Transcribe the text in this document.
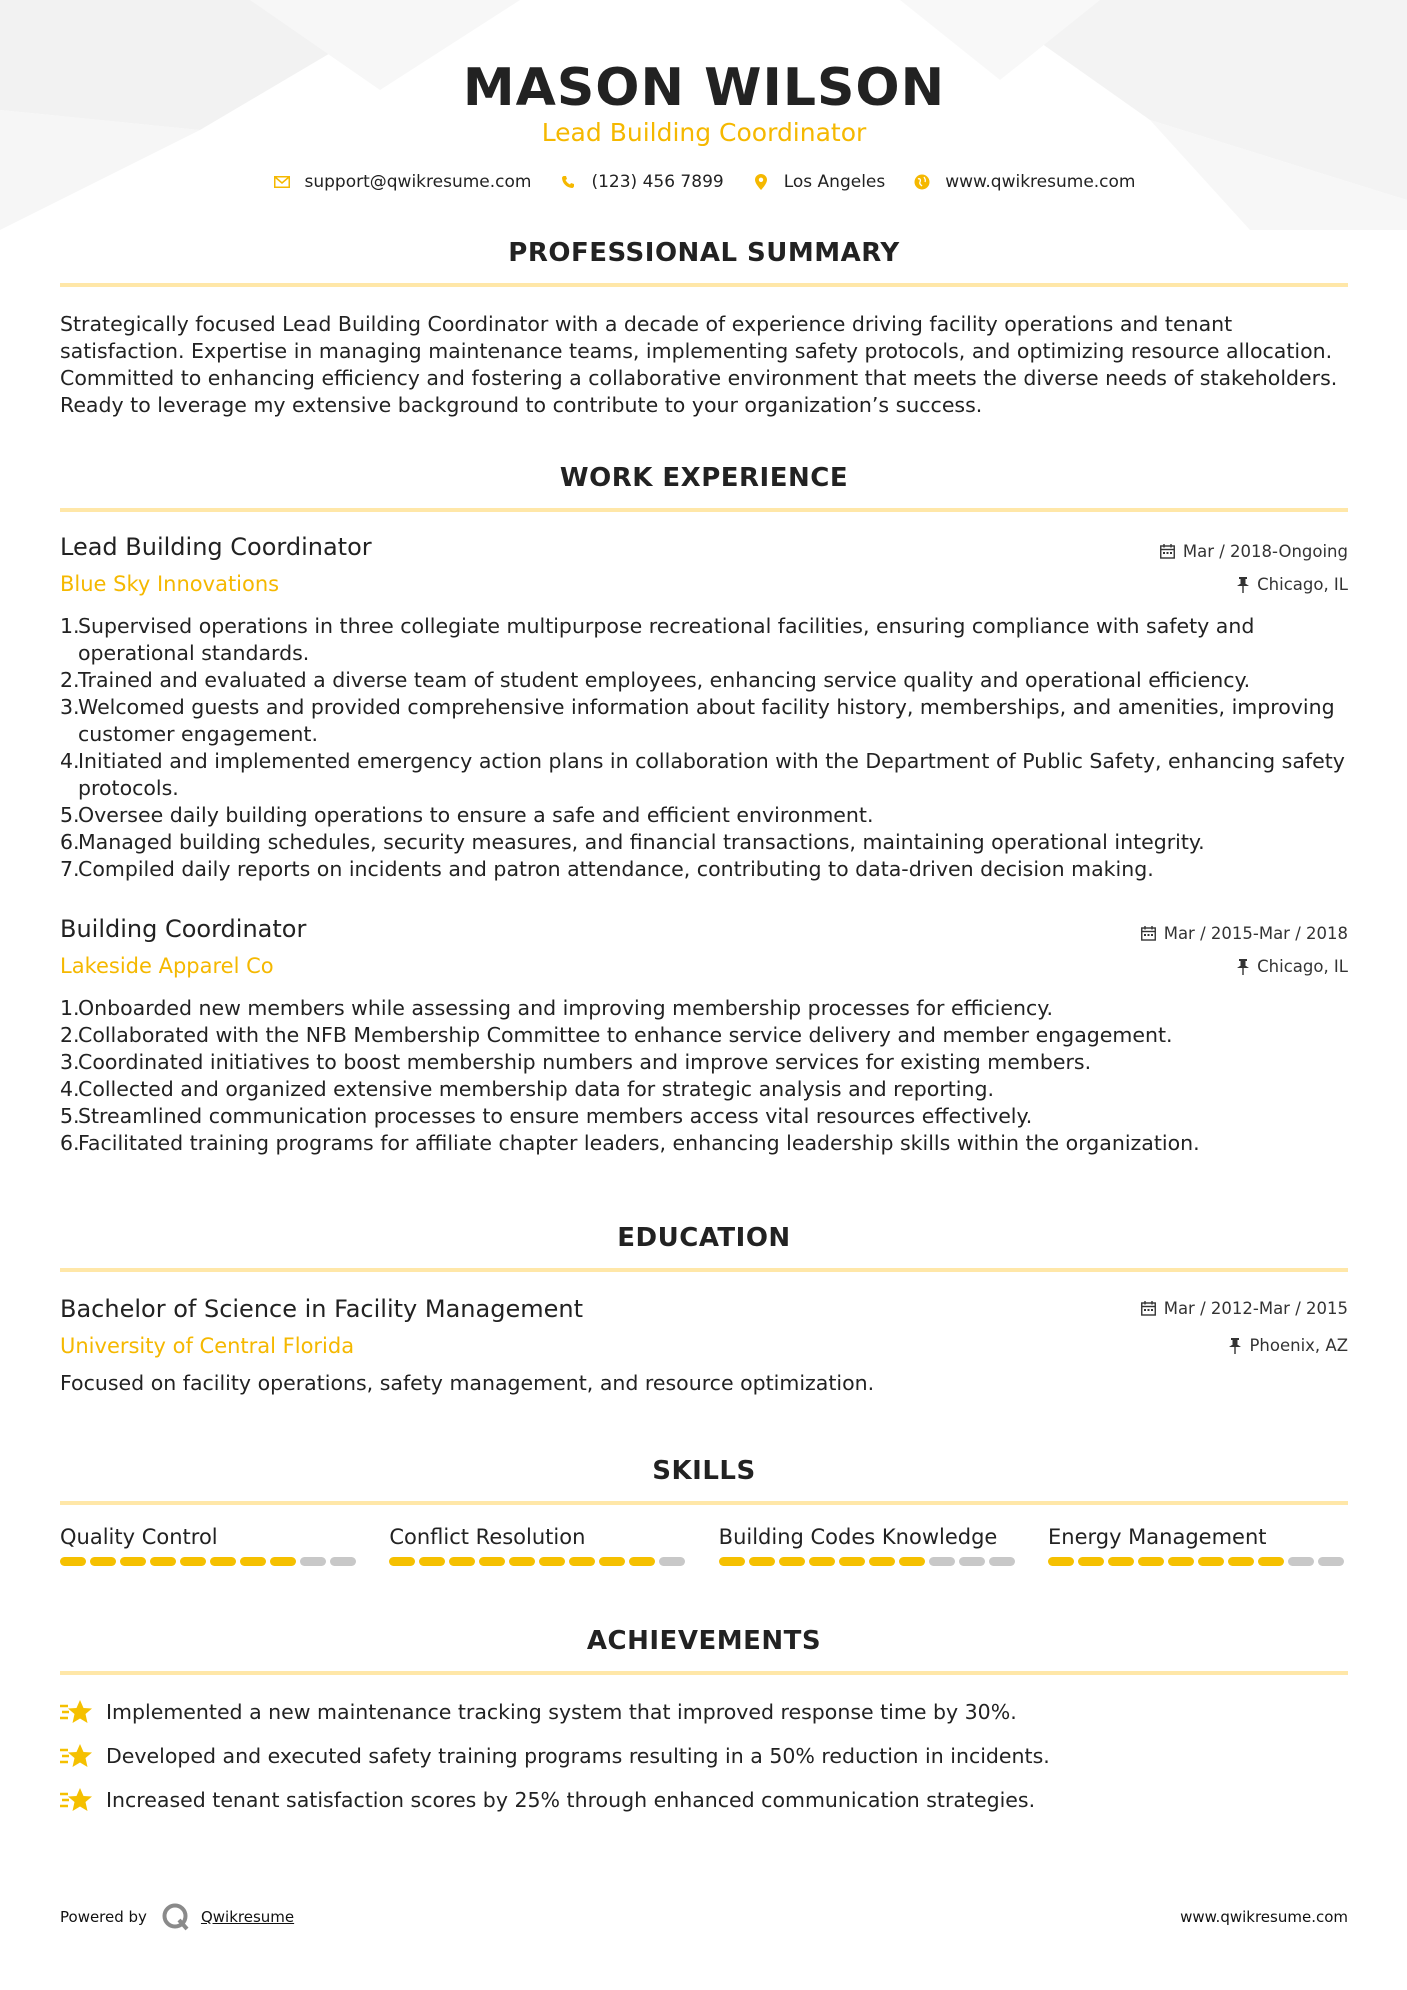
MASON WILSON
Lead Building Coordinator
support@qwikresume.com	(123) 456 7899	Los Angeles	www.qwikresume.com
PROFESSIONAL SUMMARY
Strategically focused Lead Building Coordinator with a decade of experience driving facility operations and tenant satisfaction. Expertise in managing maintenance teams, implementing safety protocols, and optimizing resource allocation. Committed to enhancing efficiency and fostering a collaborative environment that meets the diverse needs of stakeholders. Ready to leverage my extensive background to contribute to your organization’s success.
WORK EXPERIENCE
Lead Building Coordinator
Blue Sky Innovations
Mar / 2018-Ongoing
Chicago, IL
1.
Supervised operations in three collegiate multipurpose recreational facilities, ensuring compliance with safety and operational standards.
2.
Trained and evaluated a diverse team of student employees, enhancing service quality and operational efficiency.
3.
Welcomed guests and provided comprehensive information about facility history, memberships, and amenities, improving customer engagement.
4.
Initiated and implemented emergency action plans in collaboration with the Department of Public Safety, enhancing safety protocols.
5.
Oversee daily building operations to ensure a safe and efficient environment.
6.
Managed building schedules, security measures, and financial transactions, maintaining operational integrity.
7.
Compiled daily reports on incidents and patron attendance, contributing to data-driven decision making.
Building Coordinator
Lakeside Apparel Co
Mar / 2015-Mar / 2018
Chicago, IL
1.
Onboarded new members while assessing and improving membership processes for efficiency.
2.
Collaborated with the NFB Membership Committee to enhance service delivery and member engagement.
3.
Coordinated initiatives to boost membership numbers and improve services for existing members.
4.
Collected and organized extensive membership data for strategic analysis and reporting.
5.
Streamlined communication processes to ensure members access vital resources effectively.
6.
Facilitated training programs for affiliate chapter leaders, enhancing leadership skills within the organization.
EDUCATION
Bachelor of Science in Facility Management
University of Central Florida
Mar / 2012-Mar / 2015
Phoenix, AZ
Focused on facility operations, safety management, and resource optimization.
SKILLS
Quality Control	Conflict Resolution	Building Codes Knowledge	Energy Management
ACHIEVEMENTS
Implemented a new maintenance tracking system that improved response time by 30%.
Developed and executed safety training programs resulting in a 50% reduction in incidents.
Increased tenant satisfaction scores by 25% through enhanced communication strategies.
Powered by	Qwikresume	www.qwikresume.com
